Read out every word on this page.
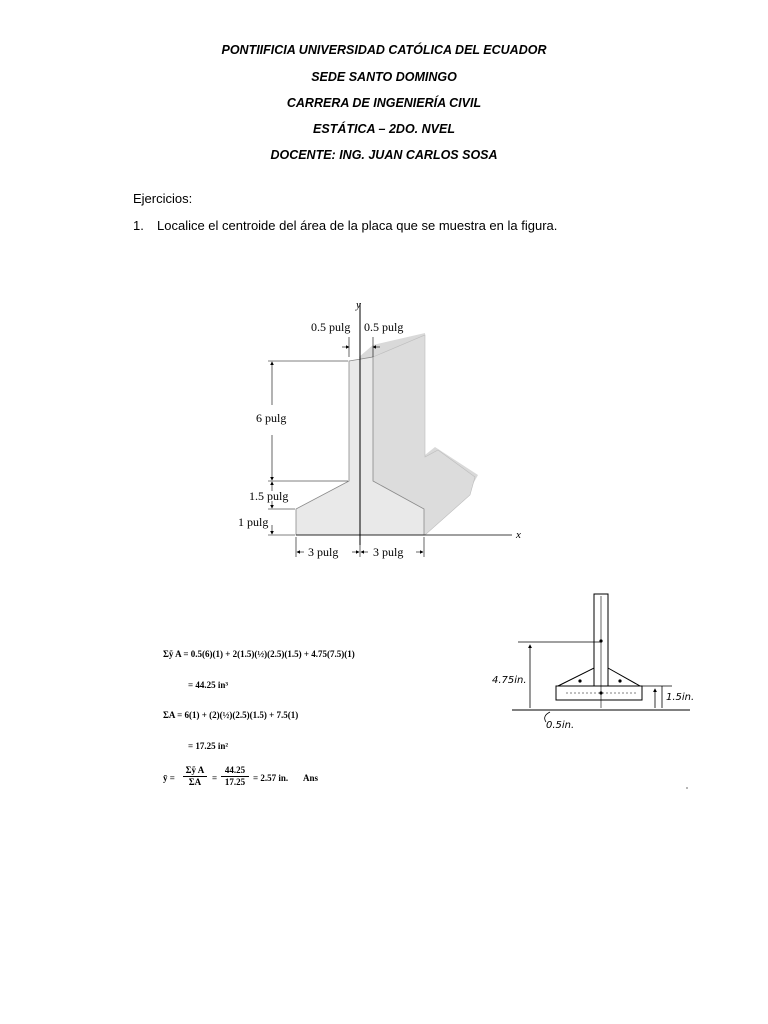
PONTIIFICIA UNIVERSIDAD CATÓLICA DEL ECUADOR
SEDE SANTO DOMINGO
CARRERA DE INGENIERÍA CIVIL
ESTÁTICA – 2DO. NVEL
DOCENTE: ING. JUAN CARLOS SOSA
Ejercicios:
1. Localice el centroide del área de la placa que se muestra en la figura.
y
x
0.5 pulg 0.5 pulg
6 pulg
1.5 pulg
1 pulg
3 pulg	3 pulg
Σỹ A = 0.5(6)(1) + 2(1.5)(½)(2.5)(1.5) + 4.75(7.5)(1)
= 44.25 in³
ΣA = 6(1) + (2)(½)(2.5)(1.5) + 7.5(1)
= 17.25 in²
ȳ = $\frac{\text{Σỹ A}}{\Sigma A} = \frac{44.25}{17.25} = 2.57$ in. Ans
4.75in.
1.5in.
0.5in.
